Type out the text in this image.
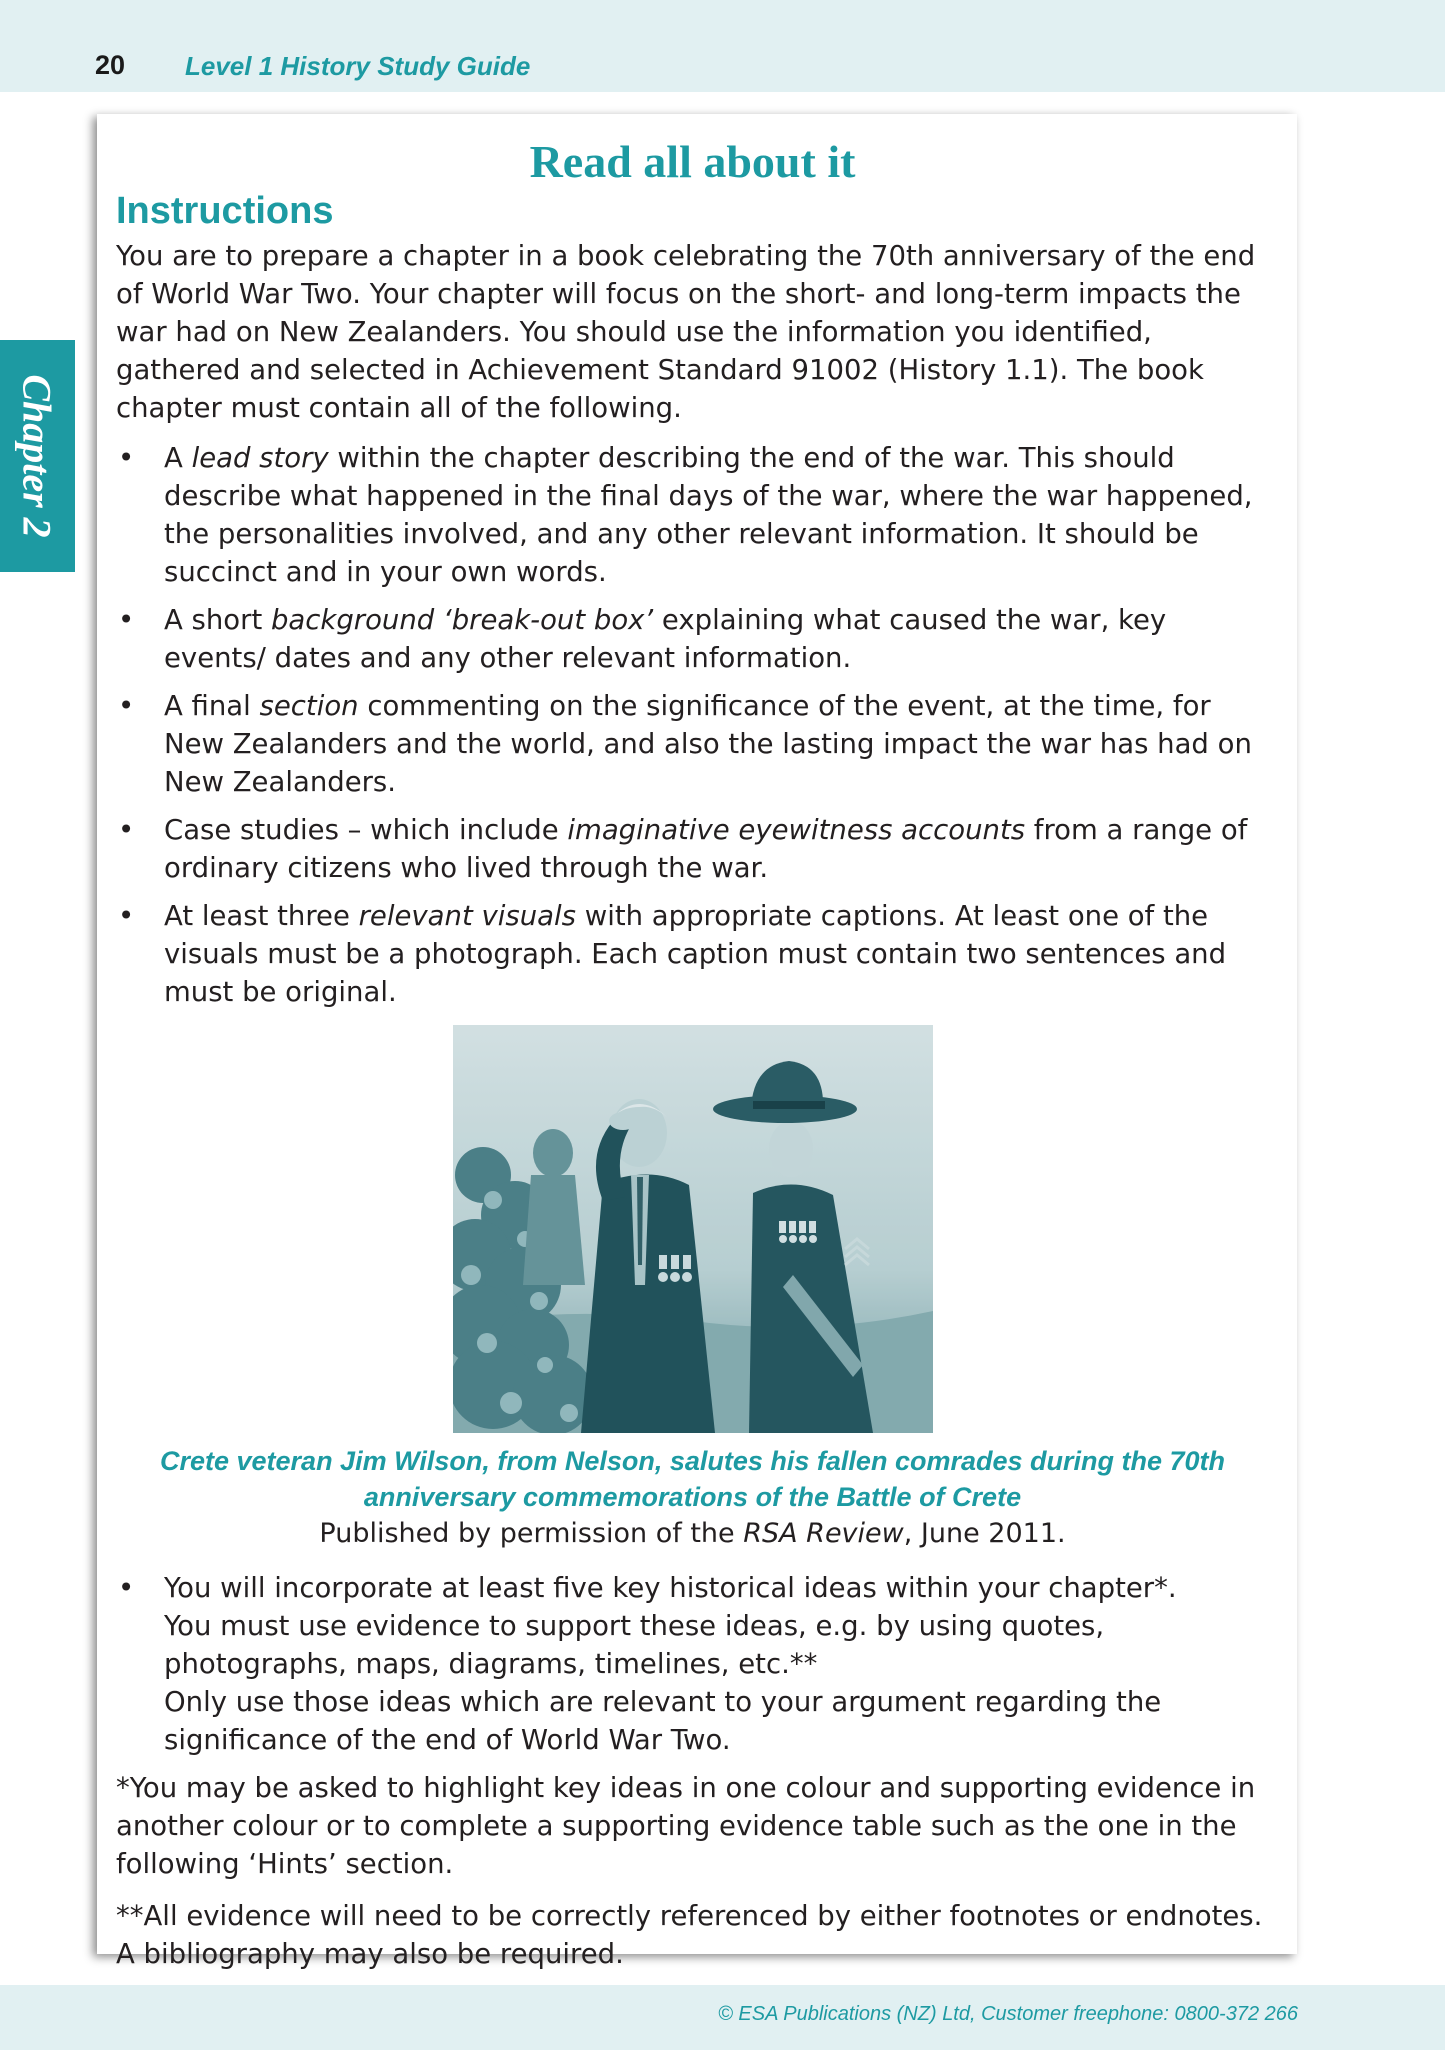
20 Level 1 History Study Guide
Chapter 2
Read all about it
Instructions

You are to prepare a chapter in a book celebrating the 70th anniversary of the end of World War Two. Your chapter will focus on the short- and long-term impacts the war had on New Zealanders. You should use the information you identified, gathered and selected in Achievement Standard 91002 (History 1.1). The book chapter must contain all of the following.

• A lead story within the chapter describing the end of the war. This should describe what happened in the final days of the war, where the war happened, the personalities involved, and any other relevant information. It should be succinct and in your own words.
• A short background ‘break-out box’ explaining what caused the war, key events/ dates and any other relevant information.
• A final section commenting on the significance of the event, at the time, for New Zealanders and the world, and also the lasting impact the war has had on New Zealanders.
• Case studies – which include imaginative eyewitness accounts from a range of ordinary citizens who lived through the war.
• At least three relevant visuals with appropriate captions. At least one of the visuals must be a photograph. Each caption must contain two sentences and must be original.

Crete veteran Jim Wilson, from Nelson, salutes his fallen comrades during the 70th
anniversary commemorations of the Battle of Crete

Published by permission of the RSA Review, June 2011.

• You will incorporate at least five key historical ideas within your chapter*.
You must use evidence to support these ideas, e.g. by using quotes, photographs, maps, diagrams, timelines, etc.**
Only use those ideas which are relevant to your argument regarding the significance of the end of World War Two.

*You may be asked to highlight key ideas in one colour and supporting evidence in another colour or to complete a supporting evidence table such as the one in the following ‘Hints’ section.

**All evidence will need to be correctly referenced by either footnotes or endnotes. A bibliography may also be required.

© ESA Publications (NZ) Ltd, Customer freephone: 0800-372 266
